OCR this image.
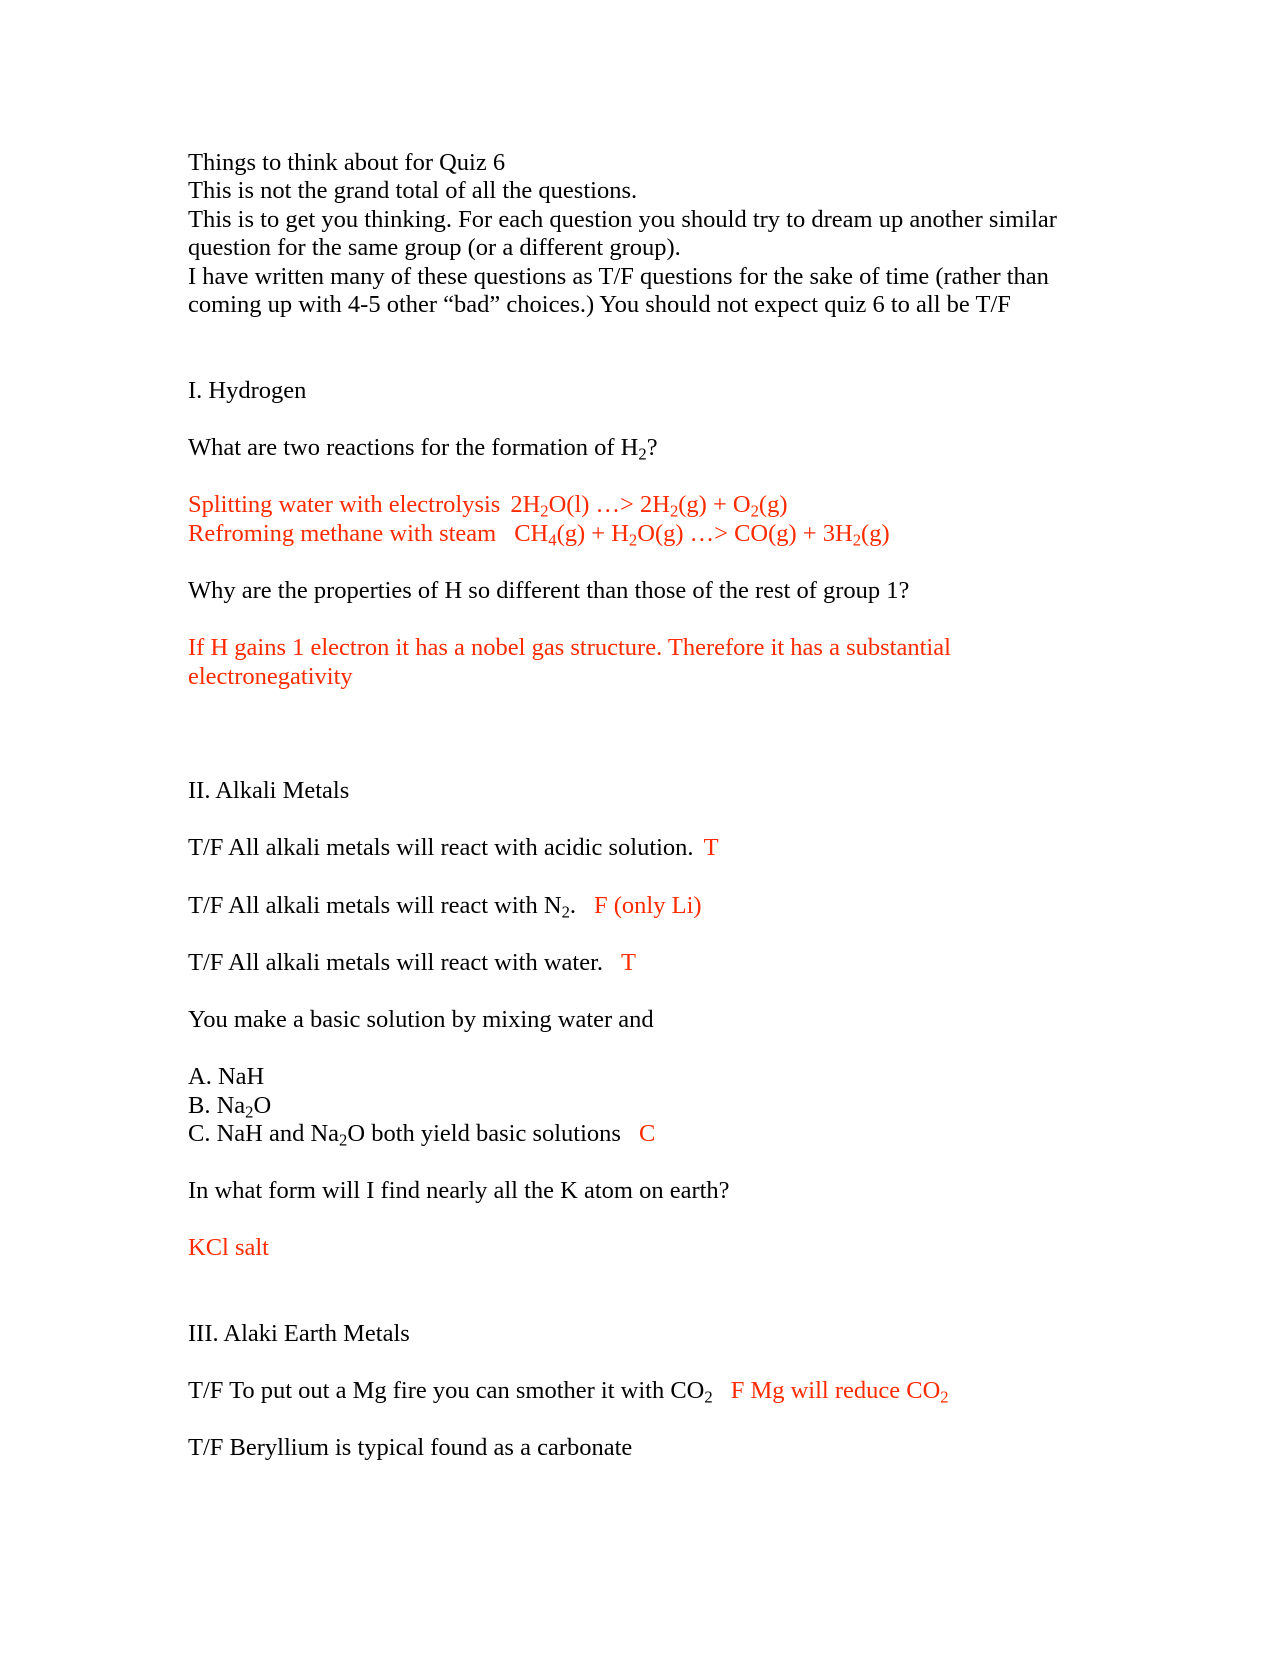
Things to think about for Quiz 6
This is not the grand total of all the questions.
This is to get you thinking. For each question you should try to dream up another similar
question for the same group (or a different group).
I have written many of these questions as T/F questions for the sake of time (rather than
coming up with 4-5 other “bad” choices.) You should not expect quiz 6 to all be T/F
I. Hydrogen
What are two reactions for the formation of $H_2$?
Splitting water with electrolysis $2H_2O(l)$ …> $2H_2(g) + O_2(g)$
Refroming methane with steam $CH_4(g) + H_2O(g)$ …> $CO(g) + 3H_2(g)$
Why are the properties of H so different than those of the rest of group 1?
If H gains 1 electron it has a nobel gas structure. Therefore it has a substantial
electronegativity
II. Alkali Metals
T/F All alkali metals will react with acidic solution. T
T/F All alkali metals will react with $N_2$. F (only Li)
T/F All alkali metals will react with water. T
You make a basic solution by mixing water and
A. NaH
B. $Na_2O$
C. NaH and $Na_2O$ both yield basic solutions C
In what form will I find nearly all the K atom on earth?
KCl salt
III. Alaki Earth Metals
T/F To put out a Mg fire you can smother it with $CO_2$ F Mg will reduce $CO_2$
T/F Beryllium is typical found as a carbonate
